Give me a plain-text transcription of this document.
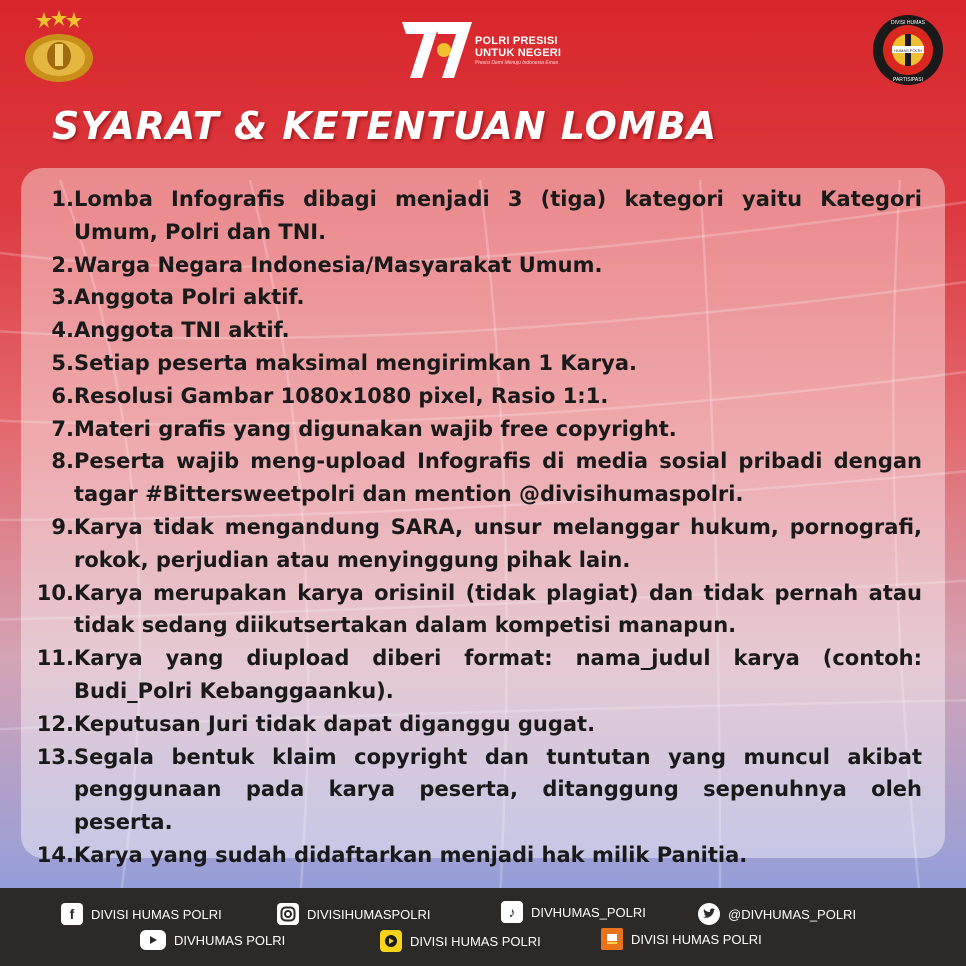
POLRI PRESISI
UNTUK NEGERI
Presisi Demi Menuju Indonesia Emas
DIVISI HUMAS
PARTISIPASI
HUMAS POLRI
SYARAT & KETENTUAN LOMBA
1. Lomba Infografis dibagi menjadi 3 (tiga) kategori yaitu Kategori Umum, Polri dan TNI.
2. Warga Negara Indonesia/Masyarakat Umum.
3. Anggota Polri aktif.
4. Anggota TNI aktif.
5. Setiap peserta maksimal mengirimkan 1 Karya.
6. Resolusi Gambar 1080x1080 pixel, Rasio 1:1.
7. Materi grafis yang digunakan wajib free copyright.
8. Peserta wajib meng-upload Infografis di media sosial pribadi dengan tagar #Bittersweetpolri dan mention @divisihumaspolri.
9. Karya tidak mengandung SARA, unsur melanggar hukum, pornografi, rokok, perjudian atau menyinggung pihak lain.
10. Karya merupakan karya orisinil (tidak plagiat) dan tidak pernah atau tidak sedang diikutsertakan dalam kompetisi manapun.
11. Karya yang diupload diberi format: nama_judul karya (contoh: Budi_Polri Kebanggaanku).
12. Keputusan Juri tidak dapat diganggu gugat.
13. Segala bentuk klaim copyright dan tuntutan yang muncul akibat penggunaan pada karya peserta, ditanggung sepenuhnya oleh peserta.
14. Karya yang sudah didaftarkan menjadi hak milik Panitia.
f	DIVISI HUMAS POLRI	DIVISIHUMASPOLRI	♪	DIVHUMAS_POLRI	@DIVHUMAS_POLRI
DIVHUMAS POLRI	DIVISI HUMAS POLRI	DIVISI HUMAS POLRI
